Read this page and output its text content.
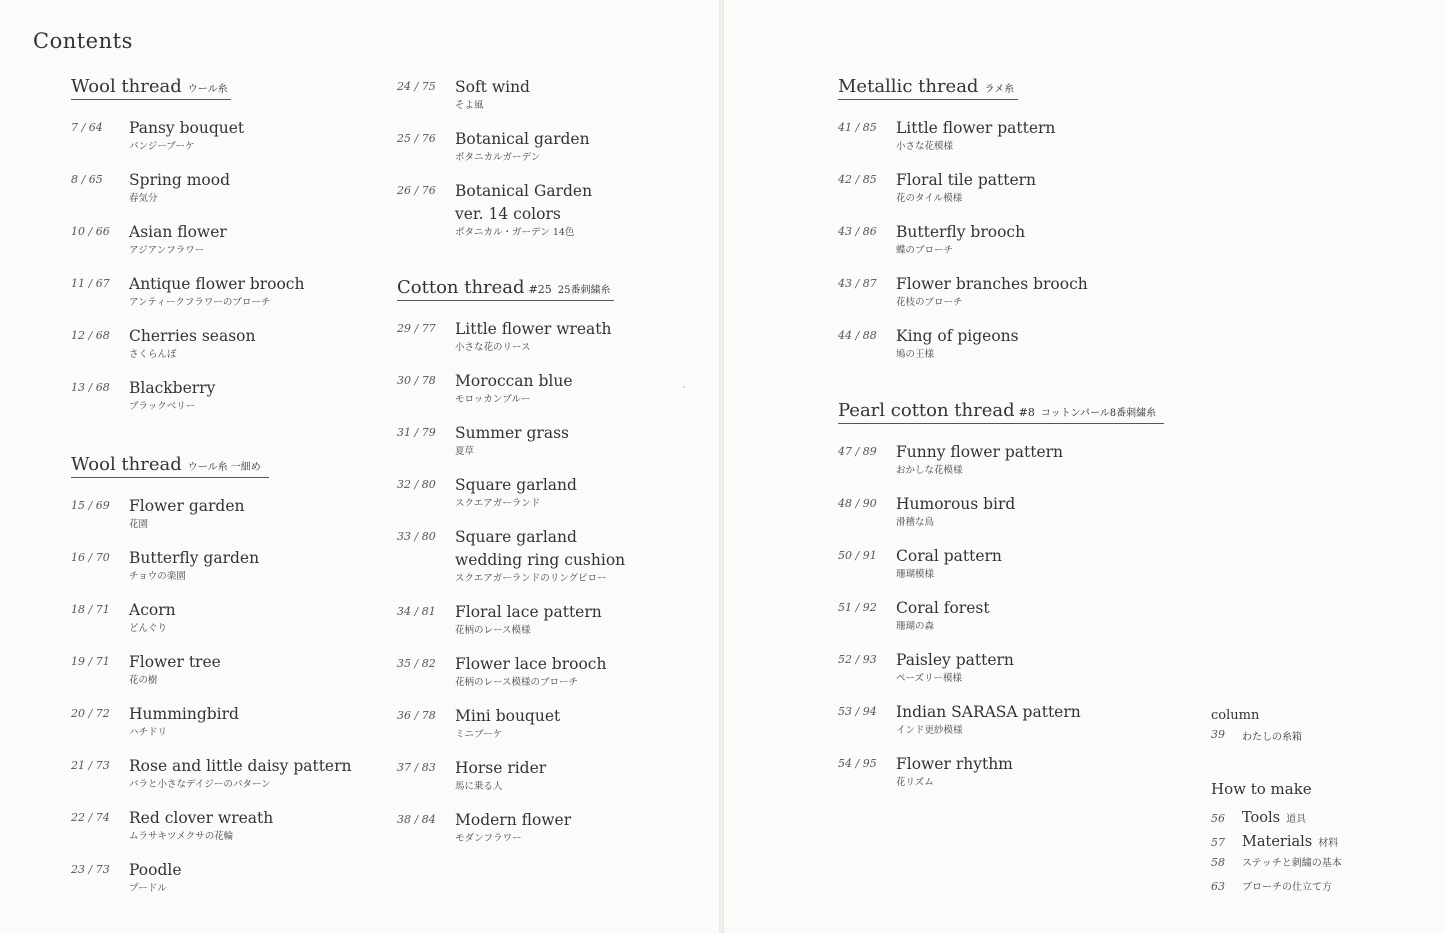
Contents
Wool thread ウール糸
7 / 64	Pansy bouquet
パンジーブーケ
8 / 65	Spring mood
春気分
10 / 66	Asian flower
アジアンフラワー
11 / 67	Antique flower brooch
アンティークフラワーのブローチ
12 / 68	Cherries season
さくらんぼ
13 / 68	Blackberry
ブラックベリー
Wool thread ウール糸 一細め
15 / 69	Flower garden
花園
16 / 70	Butterfly garden
チョウの楽園
18 / 71	Acorn
どんぐり
19 / 71	Flower tree
花の樹
20 / 72	Hummingbird
ハチドリ
21 / 73	Rose and little daisy pattern
バラと小さなデイジーのパターン
22 / 74	Red clover wreath
ムラサキツメクサの花輪
23 / 73	Poodle
プードル
24 / 75	Soft wind
そよ風
25 / 76	Botanical garden
ボタニカルガーデン
26 / 76	Botanical Garden
ver. 14 colors
ボタニカル・ガーデン 14色
Cotton thread #25 25番刺繍糸
29 / 77	Little flower wreath
小さな花のリース
30 / 78	Moroccan blue
モロッカンブルー
31 / 79	Summer grass
夏草
32 / 80	Square garland
スクエアガーランド
33 / 80	Square garland
wedding ring cushion
スクエアガーランドのリングピロー
34 / 81	Floral lace pattern
花柄のレース模様
35 / 82	Flower lace brooch
花柄のレース模様のブローチ
36 / 78	Mini bouquet
ミニブーケ
37 / 83	Horse rider
馬に乗る人
38 / 84	Modern flower
モダンフラワー
Metallic thread ラメ糸
41 / 85	Little flower pattern
小さな花模様
42 / 85	Floral tile pattern
花のタイル模様
43 / 86	Butterfly brooch
蝶のブローチ
43 / 87	Flower branches brooch
花枝のブローチ
44 / 88	King of pigeons
鳩の王様
Pearl cotton thread #8 コットンパール8番刺繍糸
47 / 89	Funny flower pattern
おかしな花模様
48 / 90	Humorous bird
滑稽な鳥
50 / 91	Coral pattern
珊瑚模様
51 / 92	Coral forest
珊瑚の森
52 / 93	Paisley pattern
ペーズリー模様
53 / 94	Indian SARASA pattern
インド更紗模様
54 / 95	Flower rhythm
花リズム
column
39	わたしの糸箱
How to make
56	Tools 道具
57	Materials 材料
58	ステッチと刺繍の基本
63	ブローチの仕立て方
